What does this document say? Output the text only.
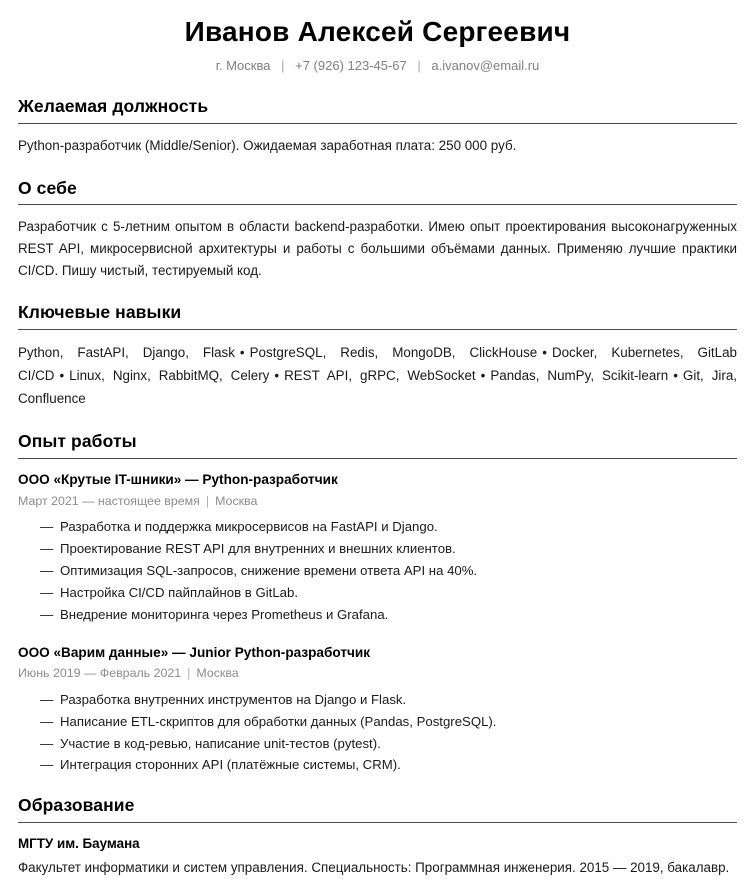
Иванов Алексей Сергеевич
г. Москва | +7 (926) 123-45-67 | a.ivanov@email.ru
Желаемая должность

Python-разработчик (Middle/Senior). Ожидаемая заработная плата: 250 000 руб.

О себе

Разработчик с 5-летним опытом в области backend-разработки. Имею опыт проектирования высоконагруженных REST API, микросервисной архитектуры и работы с большими объёмами данных. Применяю лучшие практики CI/CD. Пишу чистый, тестируемый код.

Ключевые навыки

Python, FastAPI, Django, Flask • PostgreSQL, Redis, MongoDB, ClickHouse • Docker, Kubernetes, GitLab CI/CD • Linux, Nginx, RabbitMQ, Celery • REST API, gRPC, WebSocket • Pandas, NumPy, Scikit-learn • Git, Jira, Confluence

Опыт работы
ООО «Крутые IT-шники» — Python-разработчик
Март 2021 — настоящее время | Москва
— Разработка и поддержка микросервисов на FastAPI и Django.
— Проектирование REST API для внутренних и внешних клиентов.
— Оптимизация SQL-запросов, снижение времени ответа API на 40%.
— Настройка CI/CD пайплайнов в GitLab.
— Внедрение мониторинга через Prometheus и Grafana.
ООО «Варим данные» — Junior Python-разработчик
Июнь 2019 — Февраль 2021 | Москва
— Разработка внутренних инструментов на Django и Flask.
— Написание ETL-скриптов для обработки данных (Pandas, PostgreSQL).
— Участие в код-ревью, написание unit-тестов (pytest).
— Интеграция сторонних API (платёжные системы, CRM).
Образование
МГТУ им. Баумана
Факультет информатики и систем управления. Специальность: Программная инженерия. 2015 — 2019, бакалавр.
